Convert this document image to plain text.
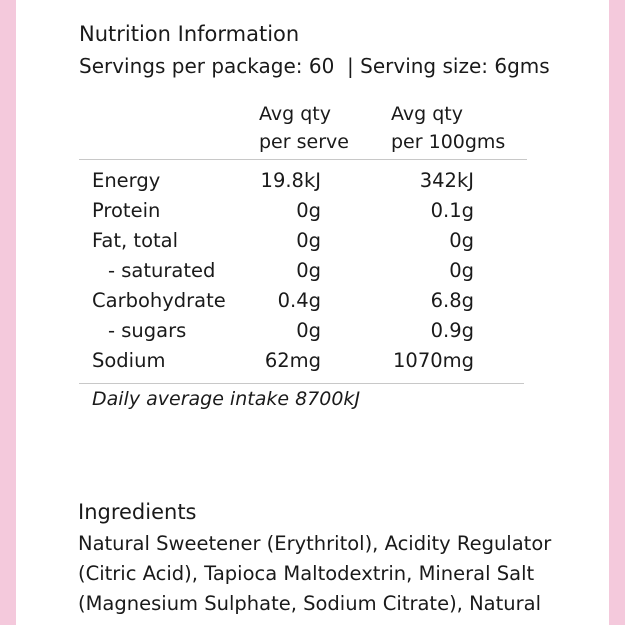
Nutrition Information
Servings per package: 60  | Serving size: 6gms
Avg qty
per serve
Avg qty
per 100gms
Energy	19.8kJ	342kJ
Protein	0g	0.1g
Fat, total	0g	0g
- saturated	0g	0g
Carbohydrate	0.4g	6.8g
- sugars	0g	0.9g
Sodium	62mg	1070mg
Daily average intake 8700kJ
Ingredients
Natural Sweetener (Erythritol), Acidity Regulator
(Citric Acid), Tapioca Maltodextrin, Mineral Salt
(Magnesium Sulphate, Sodium Citrate), Natural
